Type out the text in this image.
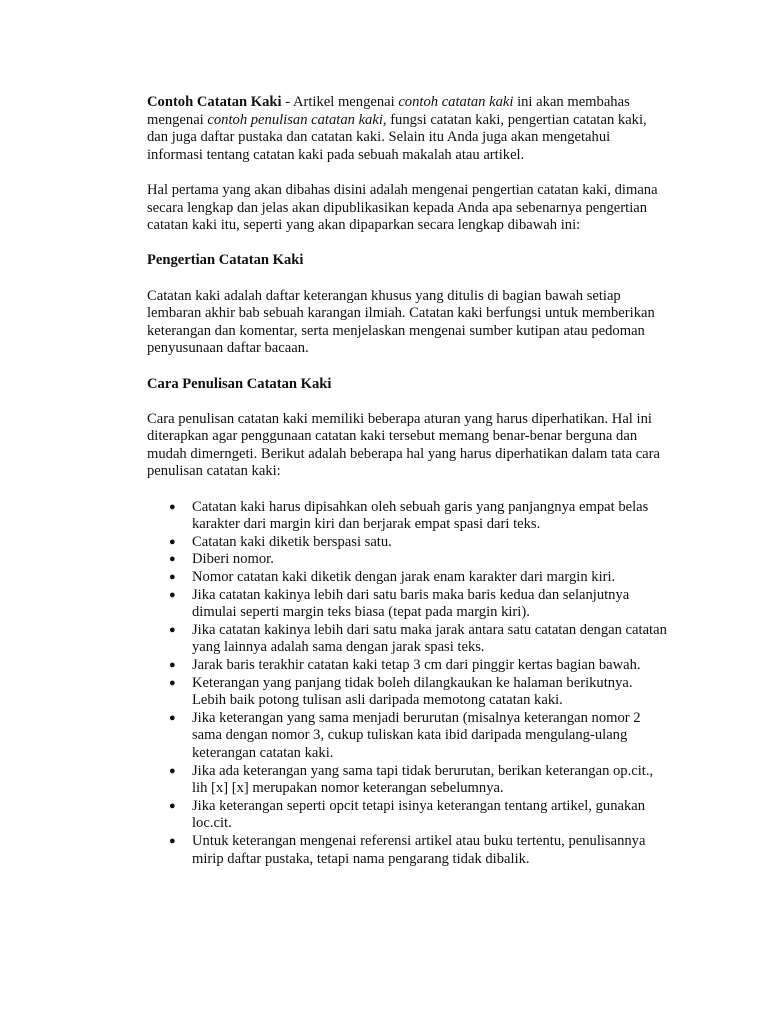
Contoh Catatan Kaki - Artikel mengenai contoh catatan kaki ini akan membahas mengenai contoh penulisan catatan kaki, fungsi catatan kaki, pengertian catatan kaki, dan juga daftar pustaka dan catatan kaki. Selain itu Anda juga akan mengetahui informasi tentang catatan kaki pada sebuah makalah atau artikel.

Hal pertama yang akan dibahas disini adalah mengenai pengertian catatan kaki, dimana secara lengkap dan jelas akan dipublikasikan kepada Anda apa sebenarnya pengertian catatan kaki itu, seperti yang akan dipaparkan secara lengkap dibawah ini:

Pengertian Catatan Kaki

Catatan kaki adalah daftar keterangan khusus yang ditulis di bagian bawah setiap lembaran akhir bab sebuah karangan ilmiah. Catatan kaki berfungsi untuk memberikan keterangan dan komentar, serta menjelaskan mengenai sumber kutipan atau pedoman penyusunaan daftar bacaan.

Cara Penulisan Catatan Kaki

Cara penulisan catatan kaki memiliki beberapa aturan yang harus diperhatikan. Hal ini diterapkan agar penggunaan catatan kaki tersebut memang benar-benar berguna dan mudah dimerngeti. Berikut adalah beberapa hal yang harus diperhatikan dalam tata cara penulisan catatan kaki:

● Catatan kaki harus dipisahkan oleh sebuah garis yang panjangnya empat belas karakter dari margin kiri dan berjarak empat spasi dari teks.
● Catatan kaki diketik berspasi satu.
● Diberi nomor.
● Nomor catatan kaki diketik dengan jarak enam karakter dari margin kiri.
● Jika catatan kakinya lebih dari satu baris maka baris kedua dan selanjutnya dimulai seperti margin teks biasa (tepat pada margin kiri).
● Jika catatan kakinya lebih dari satu maka jarak antara satu catatan dengan catatan yang lainnya adalah sama dengan jarak spasi teks.
● Jarak baris terakhir catatan kaki tetap 3 cm dari pinggir kertas bagian bawah.
● Keterangan yang panjang tidak boleh dilangkaukan ke halaman berikutnya. Lebih baik potong tulisan asli daripada memotong catatan kaki.
● Jika keterangan yang sama menjadi berurutan (misalnya keterangan nomor 2 sama dengan nomor 3, cukup tuliskan kata ibid daripada mengulang-ulang keterangan catatan kaki.
● Jika ada keterangan yang sama tapi tidak berurutan, berikan keterangan op.cit., lih [x] [x] merupakan nomor keterangan sebelumnya.
● Jika keterangan seperti opcit tetapi isinya keterangan tentang artikel, gunakan loc.cit.
● Untuk keterangan mengenai referensi artikel atau buku tertentu, penulisannya mirip daftar pustaka, tetapi nama pengarang tidak dibalik.
